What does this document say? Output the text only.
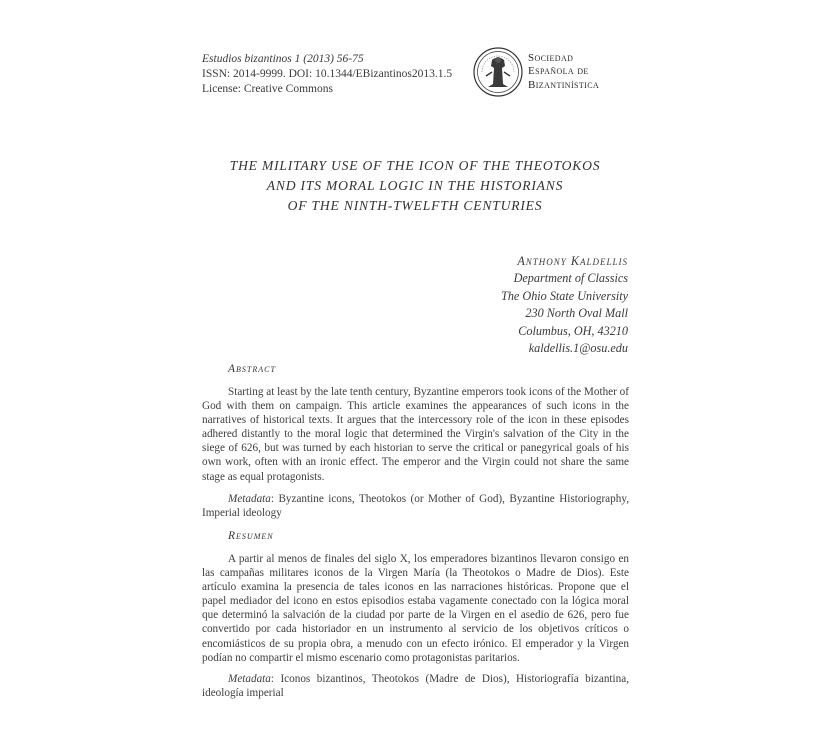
Estudios bizantinos 1 (2013) 56-75
ISSN: 2014-9999. DOI: 10.1344/EBizantinos2013.1.5
License: Creative Commons
Sociedad
Española de
Bizantinística
THE MILITARY USE OF THE ICON OF THE THEOTOKOS
AND ITS MORAL LOGIC IN THE HISTORIANS
OF THE NINTH-TWELFTH CENTURIES
Anthony Kaldellis
Department of Classics
The Ohio State University
230 North Oval Mall
Columbus, OH, 43210
kaldellis.1@osu.edu
Abstract
Starting at least by the late tenth century, Byzantine emperors took icons of the Mother of God with them on campaign. This article examines the appearances of such icons in the narratives of historical texts. It argues that the intercessory role of the icon in these episodes adhered distantly to the moral logic that determined the Virgin's salvation of the City in the siege of 626, but was turned by each historian to serve the critical or panegyrical goals of his own work, often with an ironic effect. The emperor and the Virgin could not share the same stage as equal protagonists.
Metadata: Byzantine icons, Theotokos (or Mother of God), Byzantine Historiography, Imperial ideology
Resumen
A partir al menos de finales del siglo X, los emperadores bizantinos llevaron consigo en las campañas militares iconos de la Virgen María (la Theotokos o Madre de Dios). Este artículo examina la presencia de tales iconos en las narraciones históricas. Propone que el papel mediador del icono en estos episodios estaba vagamente conectado con la lógica moral que determinó la salvación de la ciudad por parte de la Virgen en el asedio de 626, pero fue convertido por cada historiador en un instrumento al servicio de los objetivos críticos o encomiásticos de su propia obra, a menudo con un efecto irónico. El emperador y la Virgen podían no compartir el mismo escenario como protagonistas paritarios.
Metadata: Iconos bizantinos, Theotokos (Madre de Dios), Historiografía bizantina, ideología imperial
